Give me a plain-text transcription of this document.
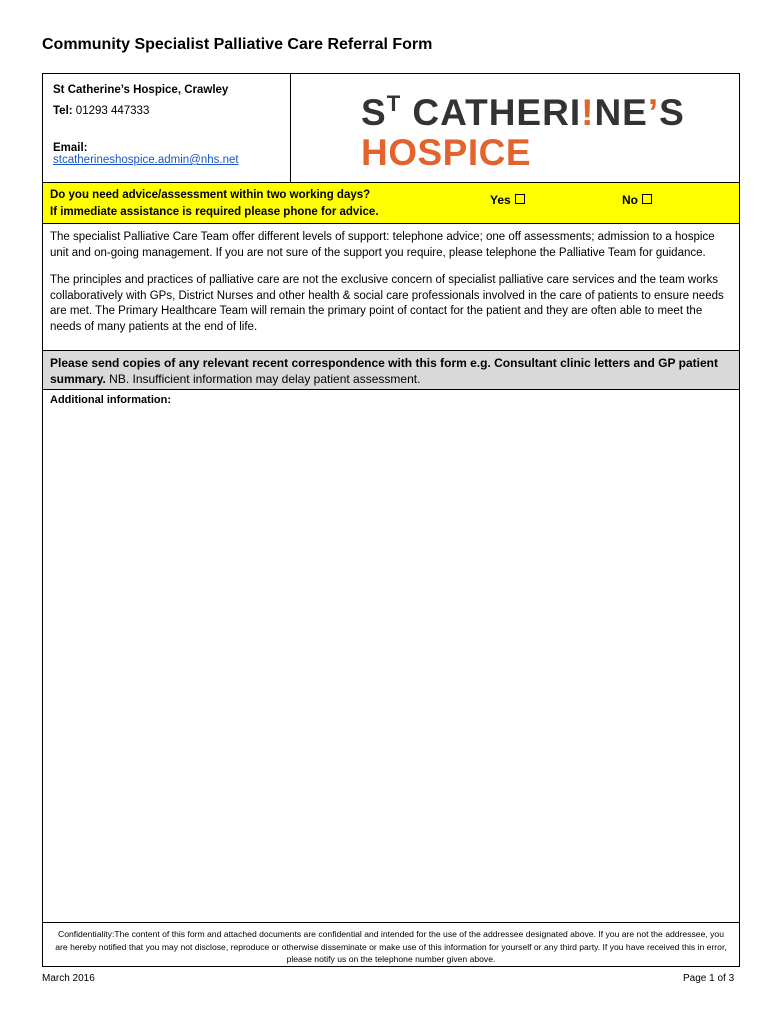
Community Specialist Palliative Care Referral Form
St Catherine’s Hospice, Crawley
Tel: 01293 447333
Email:
stcatherineshospice.admin@nhs.net
$S^T$ CATHERI!NE’S
HOSPICE
Do you need advice/assessment within two working days?
If immediate assistance is required please phone for advice.
Yes	No

The specialist Palliative Care Team offer different levels of support: telephone advice; one off assessments; admission to a hospice unit and on-going management. If you are not sure of the support you require, please telephone the Palliative Team for guidance.

The principles and practices of palliative care are not the exclusive concern of specialist palliative care services and the team works collaboratively with GPs, District Nurses and other health & social care professionals involved in the care of patients to ensure needs are met. The Primary Healthcare Team will remain the primary point of contact for the patient and they are often able to meet the needs of many patients at the end of life.

Please send copies of any relevant recent correspondence with this form e.g. Consultant clinic letters and GP patient summary. NB. Insufficient information may delay patient assessment.
Additional information:
Confidentiality:The content of this form and attached documents are confidential and intended for the use of the addressee designated above. If you are not the addressee, you are hereby notified that you may not disclose, reproduce or otherwise disseminate or make use of this information for yourself or any third party. If you have received this in error, please notify us on the telephone number given above.
March 2016	Page 1 of 3
